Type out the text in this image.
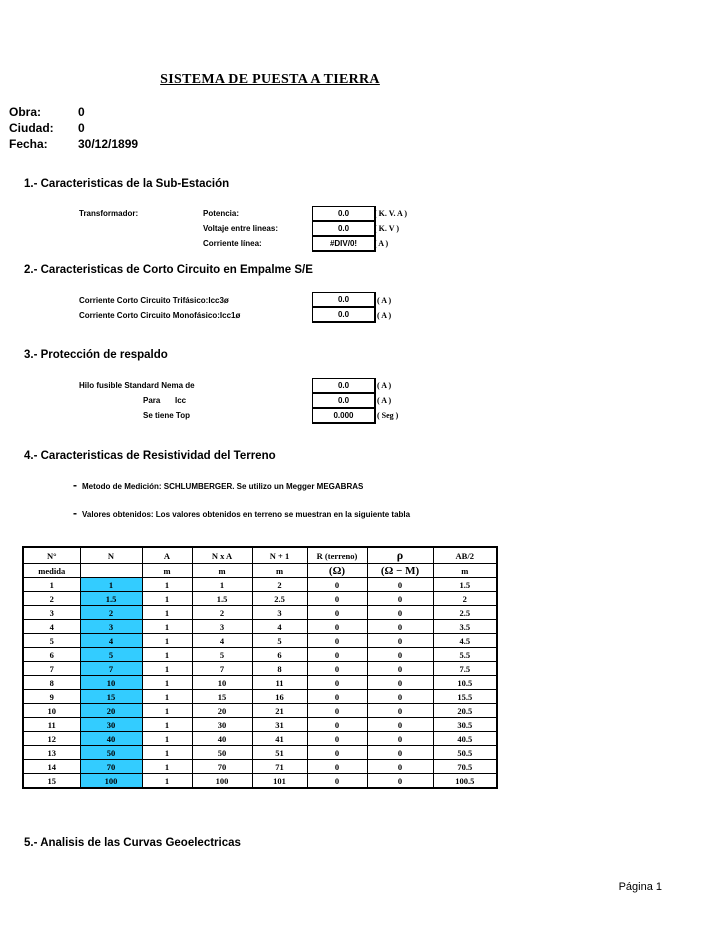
SISTEMA DE PUESTA A TIERRA
Obra:	0
Ciudad: 0
Fecha:	30/12/1899
1.- Caracteristicas de la Sub-Estación
Transformador:	Potencia:	0.0	( K. V. A )
Voltaje entre lineas:	0.0	( K. V )
Corriente línea:	#DIV/0!	( A )
2.- Caracteristicas de Corto Circuito en Empalme S/E
Corriente Corto Circuito Trifásico:Icc3ø	0.0	( A )
Corriente Corto Circuito Monofásico:Icc1ø	0.0	( A )
3.- Protección de respaldo
Hilo fusible Standard Nema de	0.0	( A )
Para Icc	0.0	( A )
Se tiene Top	0.000	( Seg )
4.- Caracteristicas de Resistividad del Terreno
- Metodo de Medición: SCHLUMBERGER. Se utilizo un Megger MEGABRAS
- Valores obtenidos: Los valores obtenidos en terreno se muestran en la siguiente tabla
N°	N	A	N x A	N + 1	R (terreno)	ρ	AB/2
medida		m	m	m	(Ω)	(Ω − M)	m
1	1	1	1	2	0	0	1.5
2	1.5	1	1.5	2.5	0	0	2
3	2	1	2	3	0	0	2.5
4	3	1	3	4	0	0	3.5
5	4	1	4	5	0	0	4.5
6	5	1	5	6	0	0	5.5
7	7	1	7	8	0	0	7.5
8	10	1	10	11	0	0	10.5
9	15	1	15	16	0	0	15.5
10	20	1	20	21	0	0	20.5
11	30	1	30	31	0	0	30.5
12	40	1	40	41	0	0	40.5
13	50	1	50	51	0	0	50.5
14	70	1	70	71	0	0	70.5
15	100	1	100	101	0	0	100.5
5.- Analisis de las Curvas Geoelectricas
Página 1
